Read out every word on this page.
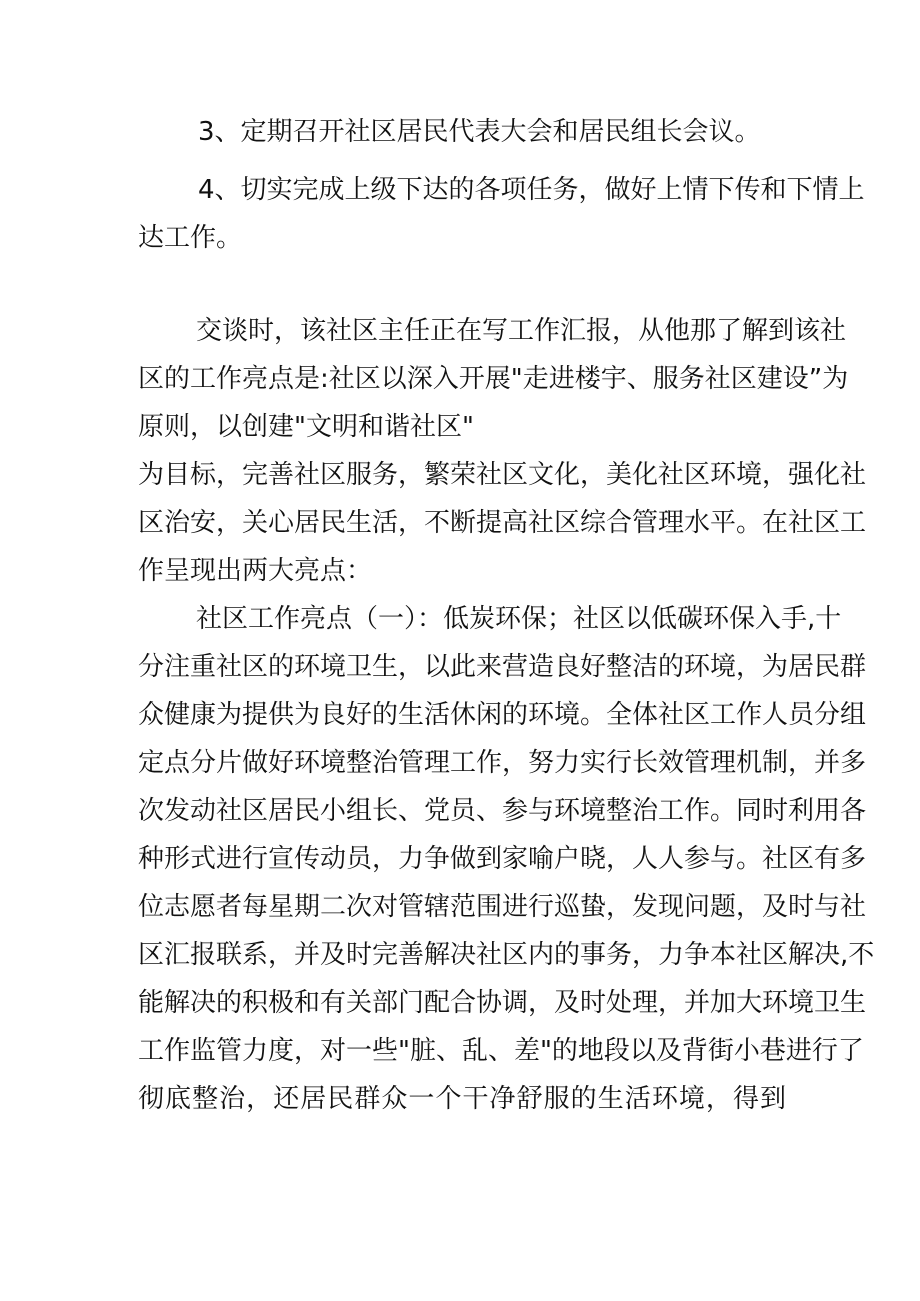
3、定期召开社区居民代表大会和居民组长会议。
4、切实完成上级下达的各项任务，做好上情下传和下情上
达工作。
交谈时，该社区主任正在写工作汇报，从他那了解到该社
区的工作亮点是:社区以深入开展"走进楼宇、服务社区建设”为
原则，以创建"文明和谐社区"
为目标，完善社区服务，繁荣社区文化，美化社区环境，强化社
区治安，关心居民生活，不断提高社区综合管理水平。在社区工
作呈现出两大亮点：
社区工作亮点（一）：低炭环保；社区以低碳环保入手,十
分注重社区的环境卫生，以此来营造良好整洁的环境，为居民群
众健康为提供为良好的生活休闲的环境。全体社区工作人员分组
定点分片做好环境整治管理工作，努力实行长效管理机制，并多
次发动社区居民小组长、党员、参与环境整治工作。同时利用各
种形式进行宣传动员，力争做到家喻户晓，人人参与。社区有多
位志愿者每星期二次对管辖范围进行巡蛰，发现问题，及时与社
区汇报联系，并及时完善解决社区内的事务，力争本社区解决,不
能解决的积极和有关部门配合协调，及时处理，并加大环境卫生
工作监管力度，对一些"脏、乱、差"的地段以及背街小巷进行了
彻底整治，还居民群众一个干净舒服的生活环境，得到
